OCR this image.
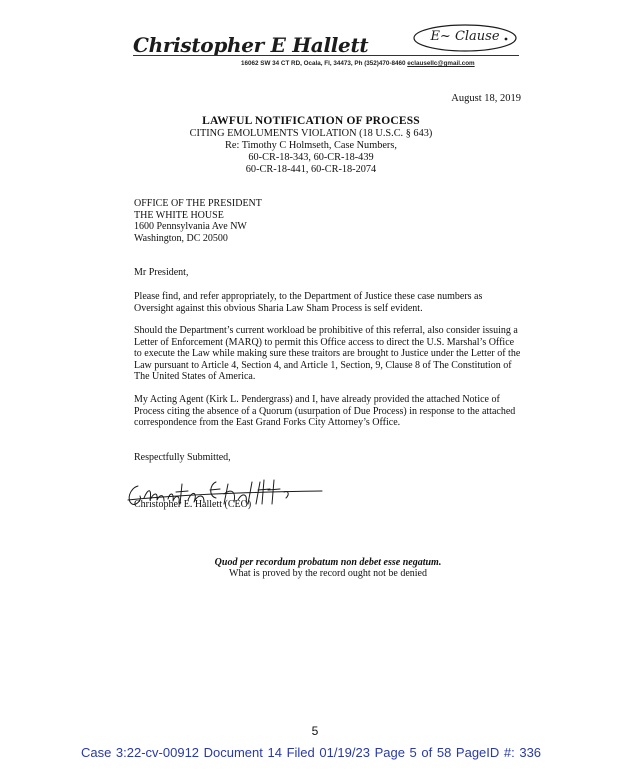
Christopher E Hallett	E~ Clause
16062 SW 34 CT RD, Ocala, Fl, 34473, Ph (352)470-8460 eclausellc@gmail.com
August 18, 2019
LAWFUL NOTIFICATION OF PROCESS
CITING EMOLUMENTS VIOLATION (18 U.S.C. § 643)
Re: Timothy C Holmseth, Case Numbers,
60-CR-18-343, 60-CR-18-439
60-CR-18-441, 60-CR-18-2074
OFFICE OF THE PRESIDENT
THE WHITE HOUSE
1600 Pennsylvania Ave NW
Washington, DC 20500
Mr President,
Please find, and refer appropriately, to the Department of Justice these case numbers as
Oversight against this obvious Sharia Law Sham Process is self evident.
Should the Department’s current workload be prohibitive of this referral, also consider issuing a
Letter of Enforcement (MARQ) to permit this Office access to direct the U.S. Marshal’s Office
to execute the Law while making sure these traitors are brought to Justice under the Letter of the
Law pursuant to Article 4, Section 4, and Article 1, Section, 9, Clause 8 of The Constitution of
The United States of America.
My Acting Agent (Kirk L. Pendergrass) and I, have already provided the attached Notice of
Process citing the absence of a Quorum (usurpation of Due Process) in response to the attached
correspondence from the East Grand Forks City Attorney’s Office.
Respectfully Submitted,
Christopher E. Hallett (CEO)
Quod per recordum probatum non debet esse negatum.
What is proved by the record ought not be denied
5
Case 3:22-cv-00912 Document 14 Filed 01/19/23 Page 5 of 58 PageID #: 336
